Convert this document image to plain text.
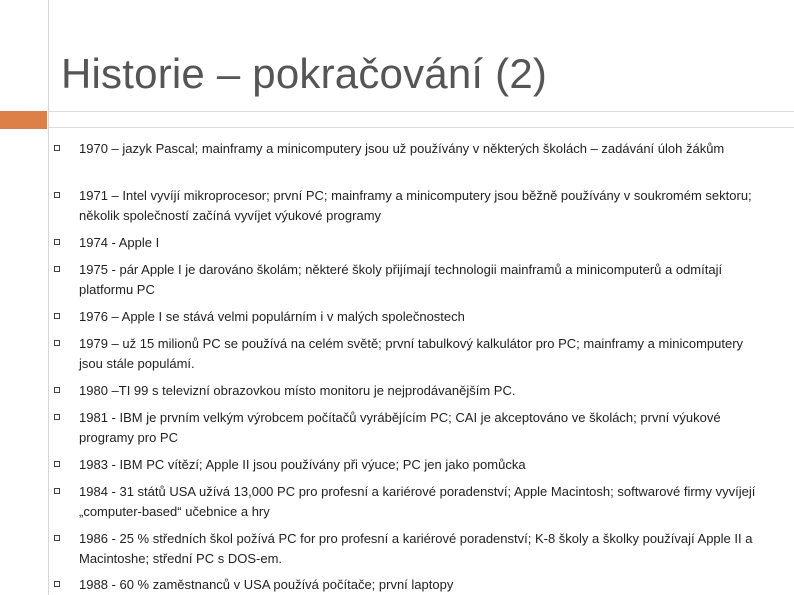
Historie – pokračování (2)
1970 – jazyk Pascal; mainframy a minicomputery jsou už používány v některých školách – zadávání úloh žákům
1971 – Intel vyvíjí mikroprocesor; první PC; mainframy a minicomputery jsou běžně používány v soukromém sektoru; několik společností začíná vyvíjet výukové programy
1974 - Apple I
1975 - pár Apple I je darováno školám; některé školy přijímají technologii mainframů a minicomputerů a odmítají platformu PC
1976 – Apple I se stává velmi populárním i v malých společnostech
1979 – už 15 milionů PC se používá na celém světě; první tabulkový kalkulátor pro PC; mainframy a minicomputery jsou stále populámí.
1980 –TI 99 s televizní obrazovkou místo monitoru je nejprodávanějším PC.
1981 - IBM je prvním velkým výrobcem počítačů vyrábějícím PC; CAI je akceptováno ve školách; první výukové programy pro PC
1983 - IBM PC vítězí; Apple II jsou používány při výuce; PC jen jako pomůcka
1984 - 31 států USA užívá 13,000 PC pro profesní a kariérové poradenství; Apple Macintosh; softwarové firmy vyvíjejí „computer-based“ učebnice a hry
1986 - 25 % středních škol požívá PC for pro profesní a kariérové poradenství; K-8 školy a školky používají Apple II a Macintoshe; střední PC s DOS-em.
1988 - 60 % zaměstnanců v USA používá počítače; první laptopy
